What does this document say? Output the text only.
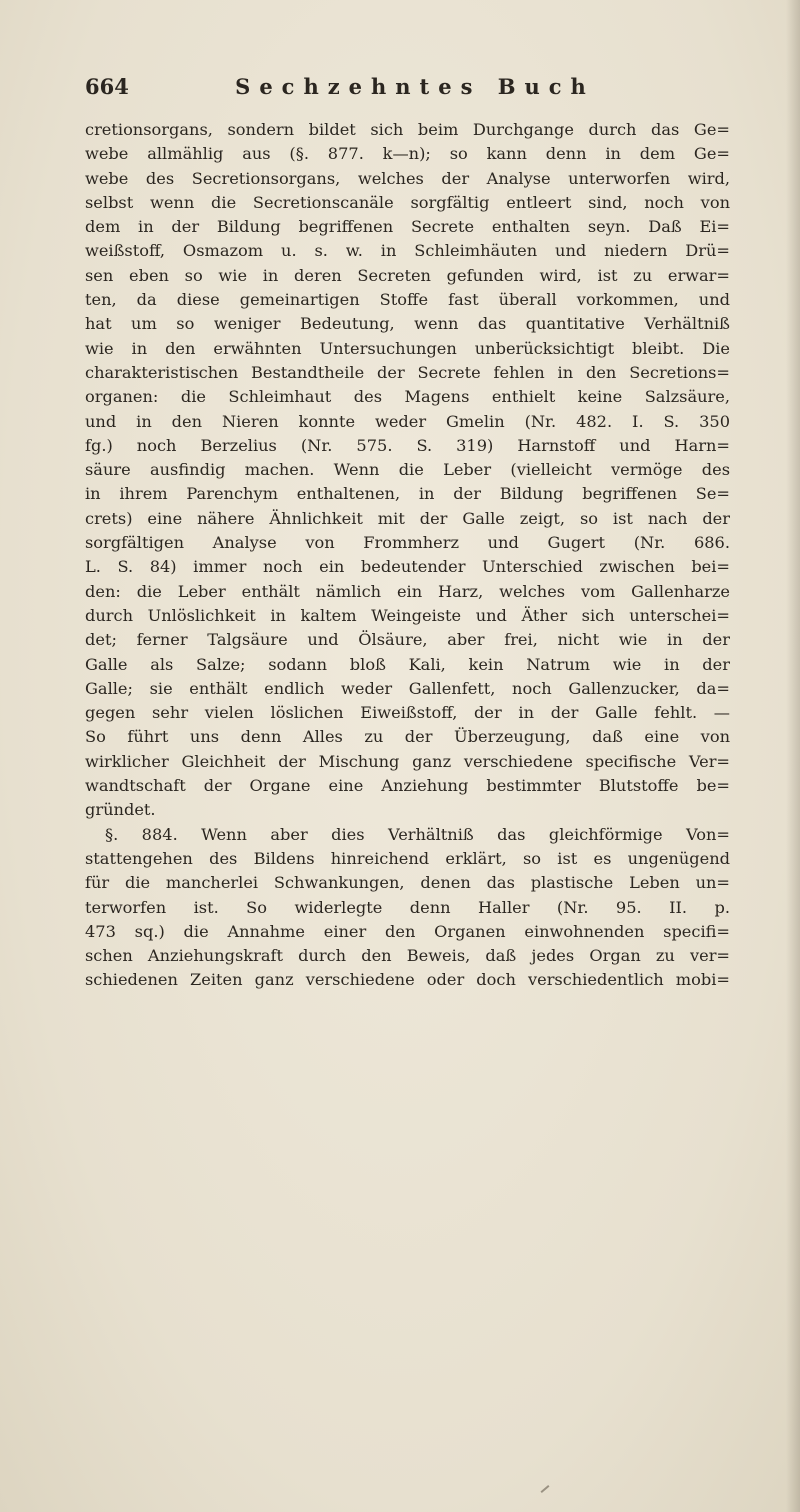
664	Sechzehntes Buch
cretionsorgans, sondern bildet sich beim Durchgange durch das Ge=
webe allmählig aus (§. 877. k—n); so kann denn in dem Ge=
webe des Secretionsorgans, welches der Analyse unterworfen wird,
selbst wenn die Secretionscanäle sorgfältig entleert sind, noch von
dem in der Bildung begriffenen Secrete enthalten seyn. Daß Ei=
weißstoff, Osmazom u. s. w. in Schleimhäuten und niedern Drü=
sen eben so wie in deren Secreten gefunden wird, ist zu erwar=
ten, da diese gemeinartigen Stoffe fast überall vorkommen, und
hat um so weniger Bedeutung, wenn das quantitative Verhältniß
wie in den erwähnten Untersuchungen unberücksichtigt bleibt. Die
charakteristischen Bestandtheile der Secrete fehlen in den Secretions=
organen: die Schleimhaut des Magens enthielt keine Salzsäure,
und in den Nieren konnte weder Gmelin (Nr. 482. I. S. 350
fg.) noch Berzelius (Nr. 575. S. 319) Harnstoff und Harn=
säure ausfindig machen. Wenn die Leber (vielleicht vermöge des
in ihrem Parenchym enthaltenen, in der Bildung begriffenen Se=
crets) eine nähere Ähnlichkeit mit der Galle zeigt, so ist nach der
sorgfältigen Analyse von Frommherz und Gugert (Nr. 686.
L. S. 84) immer noch ein bedeutender Unterschied zwischen bei=
den: die Leber enthält nämlich ein Harz, welches vom Gallenharze
durch Unlöslichkeit in kaltem Weingeiste und Äther sich unterschei=
det; ferner Talgsäure und Ölsäure, aber frei, nicht wie in der
Galle als Salze; sodann bloß Kali, kein Natrum wie in der
Galle; sie enthält endlich weder Gallenfett, noch Gallenzucker, da=
gegen sehr vielen löslichen Eiweißstoff, der in der Galle fehlt. —
So führt uns denn Alles zu der Überzeugung, daß eine von
wirklicher Gleichheit der Mischung ganz verschiedene specifische Ver=
wandtschaft der Organe eine Anziehung bestimmter Blutstoffe be=
gründet.
§. 884. Wenn aber dies Verhältniß das gleichförmige Von=
stattengehen des Bildens hinreichend erklärt, so ist es ungenügend
für die mancherlei Schwankungen, denen das plastische Leben un=
terworfen ist. So widerlegte denn Haller (Nr. 95. II. p.
473 sq.) die Annahme einer den Organen einwohnenden specifi=
schen Anziehungskraft durch den Beweis, daß jedes Organ zu ver=
schiedenen Zeiten ganz verschiedene oder doch verschiedentlich mobi=
